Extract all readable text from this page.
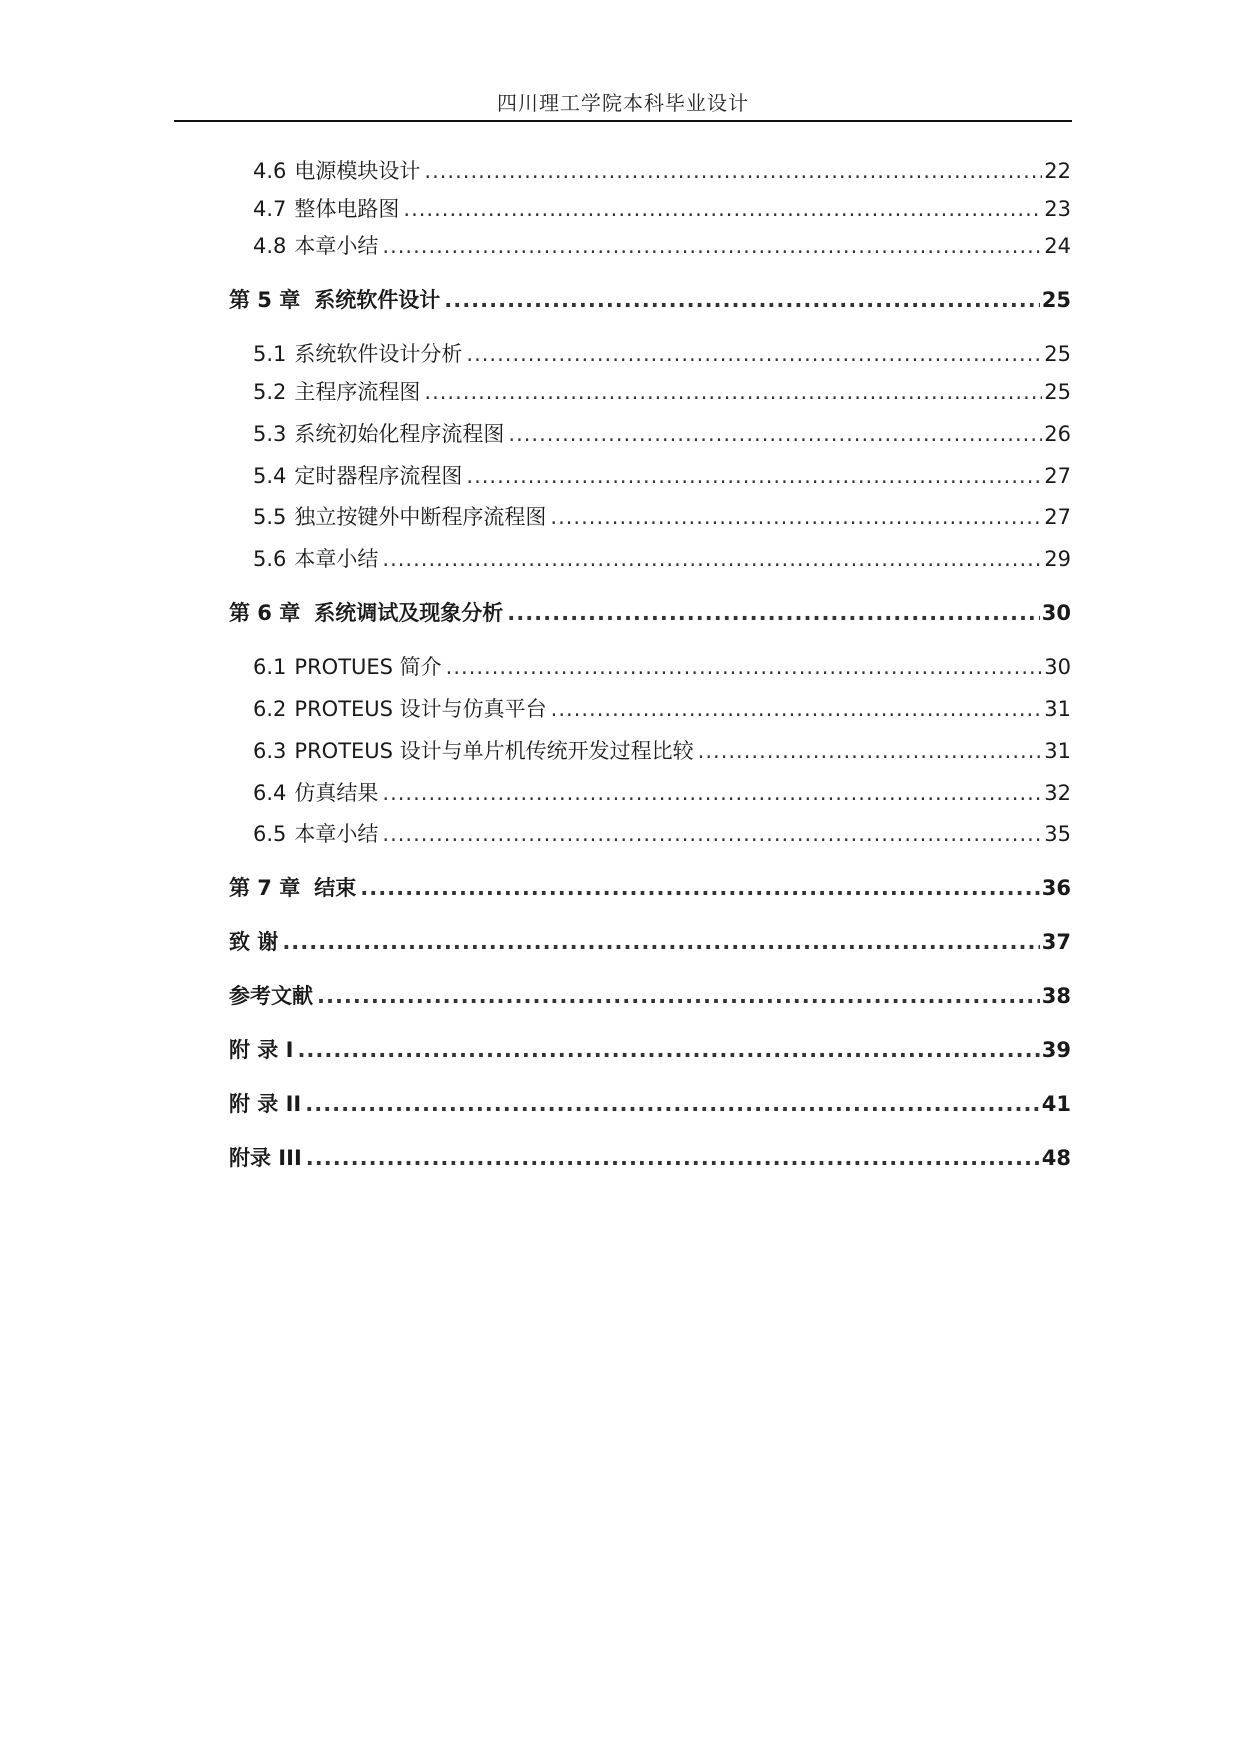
四川理工学院本科毕业设计
4.6 电源模块设计 .....	22
4.7 整体电路图 .....	23
4.8 本章小结 .....	24
第 5 章 系统软件设计 .....	25
5.1 系统软件设计分析 .....	25
5.2 主程序流程图 .....	25
5.3 系统初始化程序流程图 .....	26
5.4 定时器程序流程图 .....	27
5.5 独立按键外中断程序流程图 .....	27
5.6 本章小结 .....	29
第 6 章 系统调试及现象分析 .....	30
6.1 PROTUES 简介 .....	30
6.2 PROTEUS 设计与仿真平台 .....	31
6.3 PROTEUS 设计与单片机传统开发过程比较 .....	31
6.4 仿真结果 .....	32
6.5 本章小结 .....	35
第 7 章 结束 .....	36
致 谢 .....	37
参考文献 .....	38
附 录 I .....	39
附 录 II .....	41
附录 III .....	48
